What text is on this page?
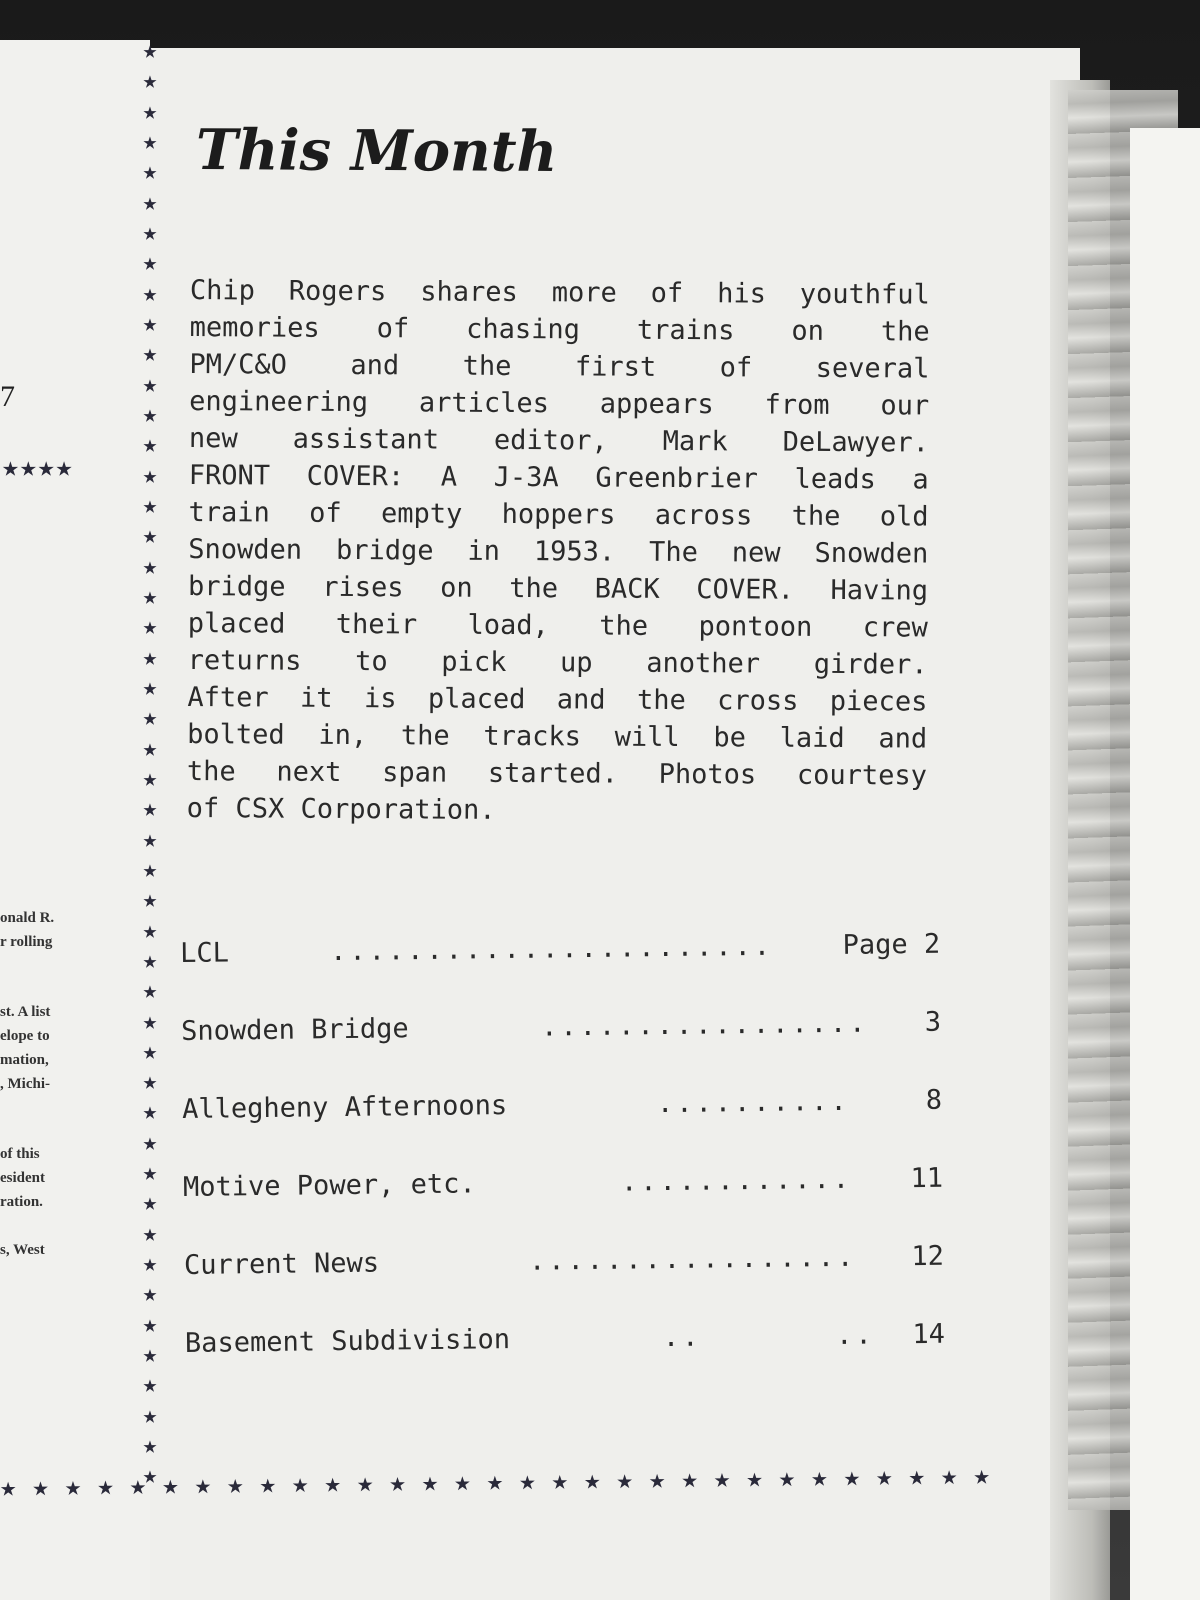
7
★★★★
onald R.
r rolling
st. A list
elope to
mation,
, Michi-
of this
esident
ration.
s, West
★
★
★
★
★
★
★
★
★
★
★
★
★
★
★
★
★
★
★
★
★
★
★
★
★
★
★
★
★
★
★
★
★
★
★
★
★
★
★
★
★
★
★
★
★
★
★
★
★ ★ ★ ★ ★ ★ ★ ★ ★ ★ ★ ★ ★ ★ ★ ★ ★ ★ ★ ★ ★ ★ ★ ★ ★ ★ ★ ★ ★ ★ ★
This Month
Chip Rogers shares more of his youthful
memories of chasing trains on the
PM/C&O and the first of several
engineering articles appears from our
new assistant editor, Mark DeLawyer.
FRONT COVER: A J-3A Greenbrier leads a
train of empty hoppers across the old
Snowden bridge in 1953. The new Snowden
bridge rises on the BACK COVER. Having
placed their load, the pontoon crew
returns to pick up another girder.
After it is placed and the cross pieces
bolted in, the tracks will be laid and
the next span started. Photos courtesy
of CSX Corporation.
LCL	.......................	Page 2
Snowden Bridge	................. 3
Allegheny Afternoons	..........	8
Motive Power, etc.	............ 11
Current News	................. 12
Basement Subdivision	..       .. 14
